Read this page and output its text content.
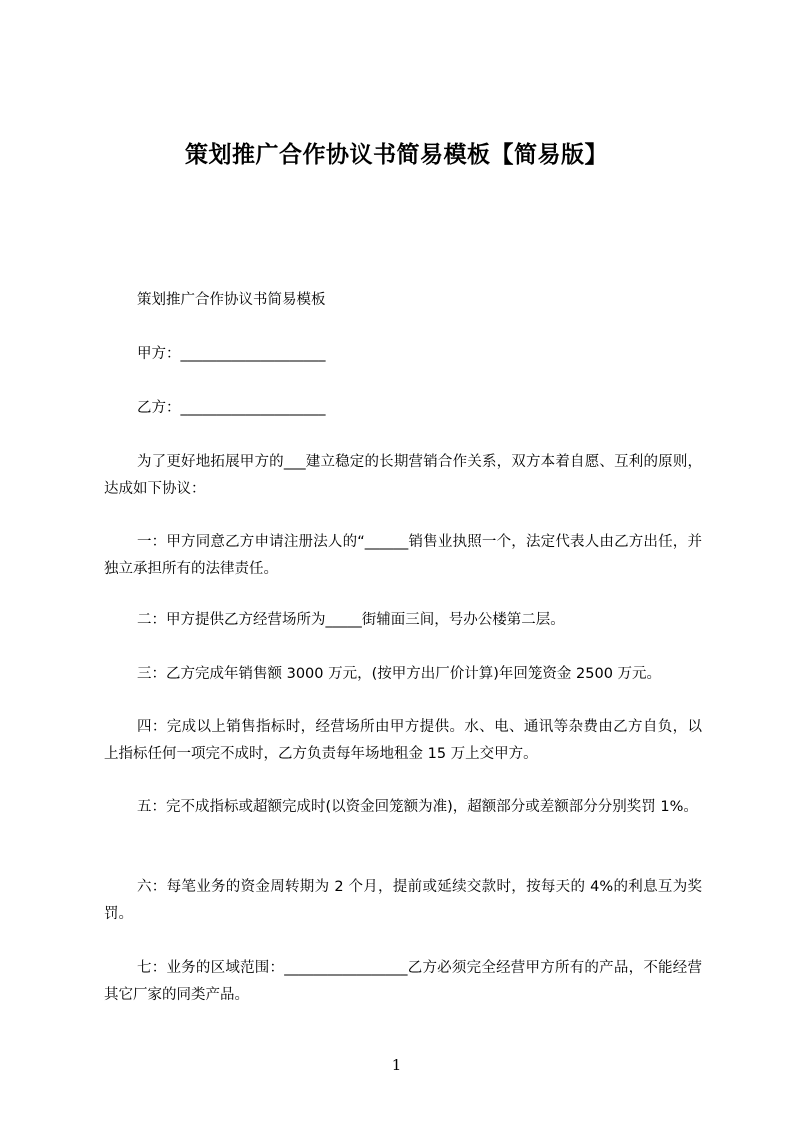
策划推广合作协议书简易模板【简易版】

策划推广合作协议书简易模板

甲方：____________________

乙方：____________________

为了更好地拓展甲方的___建立稳定的长期营销合作关系，双方本着自愿、互利的原则，达成如下协议：

一：甲方同意乙方申请注册法人的“______销售业执照一个，法定代表人由乙方出任，并独立承担所有的法律责任。

二：甲方提供乙方经营场所为_____街辅面三间，号办公楼第二层。

三：乙方完成年销售额 3000 万元，(按甲方出厂价计算)年回笼资金 2500 万元。

四：完成以上销售指标时，经营场所由甲方提供。水、电、通讯等杂费由乙方自负，以上指标任何一项完不成时，乙方负责每年场地租金 15 万上交甲方。

五：完不成指标或超额完成时(以资金回笼额为准)，超额部分或差额部分分别奖罚 1%。

六：每笔业务的资金周转期为 2 个月，提前或延续交款时，按每天的 4%的利息互为奖罚。

七：业务的区域范围：_________________乙方必须完全经营甲方所有的产品，不能经营其它厂家的同类产品。

1
